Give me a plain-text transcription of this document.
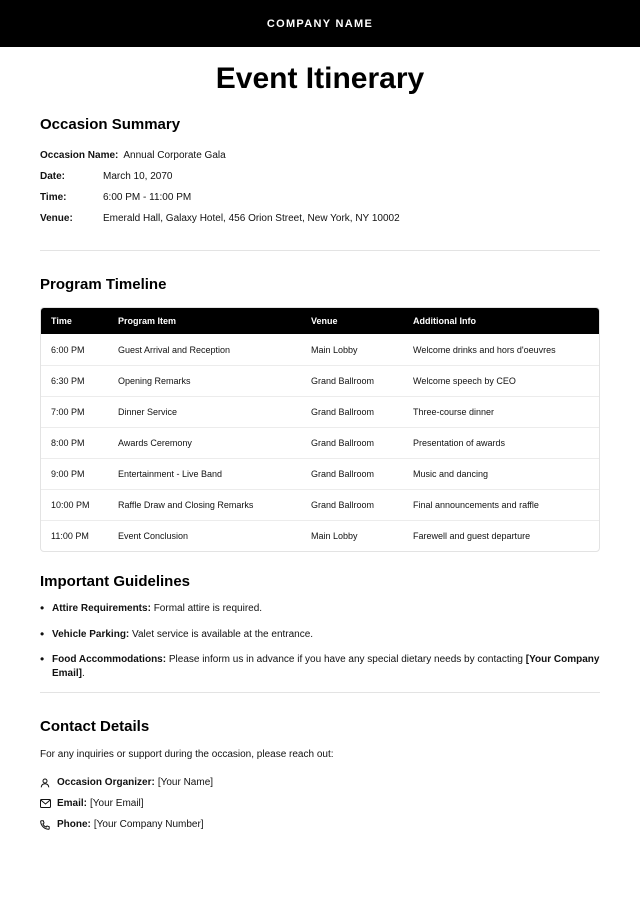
COMPANY NAME
Event Itinerary
Occasion Summary
Occasion Name: Annual Corporate Gala
Date:	March 10, 2070
Time:	6:00 PM - 11:00 PM
Venue:	Emerald Hall, Galaxy Hotel, 456 Orion Street, New York, NY 10002
Program Timeline
Time	Program Item	Venue	Additional Info
6:00 PM	Guest Arrival and Reception	Main Lobby	Welcome drinks and hors d'oeuvres
6:30 PM	Opening Remarks	Grand Ballroom	Welcome speech by CEO
7:00 PM	Dinner Service	Grand Ballroom	Three-course dinner
8:00 PM	Awards Ceremony	Grand Ballroom	Presentation of awards
9:00 PM	Entertainment - Live Band	Grand Ballroom	Music and dancing
10:00 PM	Raffle Draw and Closing Remarks	Grand Ballroom	Final announcements and raffle
11:00 PM	Event Conclusion	Main Lobby	Farewell and guest departure
Important Guidelines
• Attire Requirements: Formal attire is required.
• Vehicle Parking: Valet service is available at the entrance.
• Food Accommodations: Please inform us in advance if you have any special dietary needs by contacting [Your Company Email].
Contact Details
For any inquiries or support during the occasion, please reach out:
Occasion Organizer: [Your Name]
Email: [Your Email]
Phone: [Your Company Number]
